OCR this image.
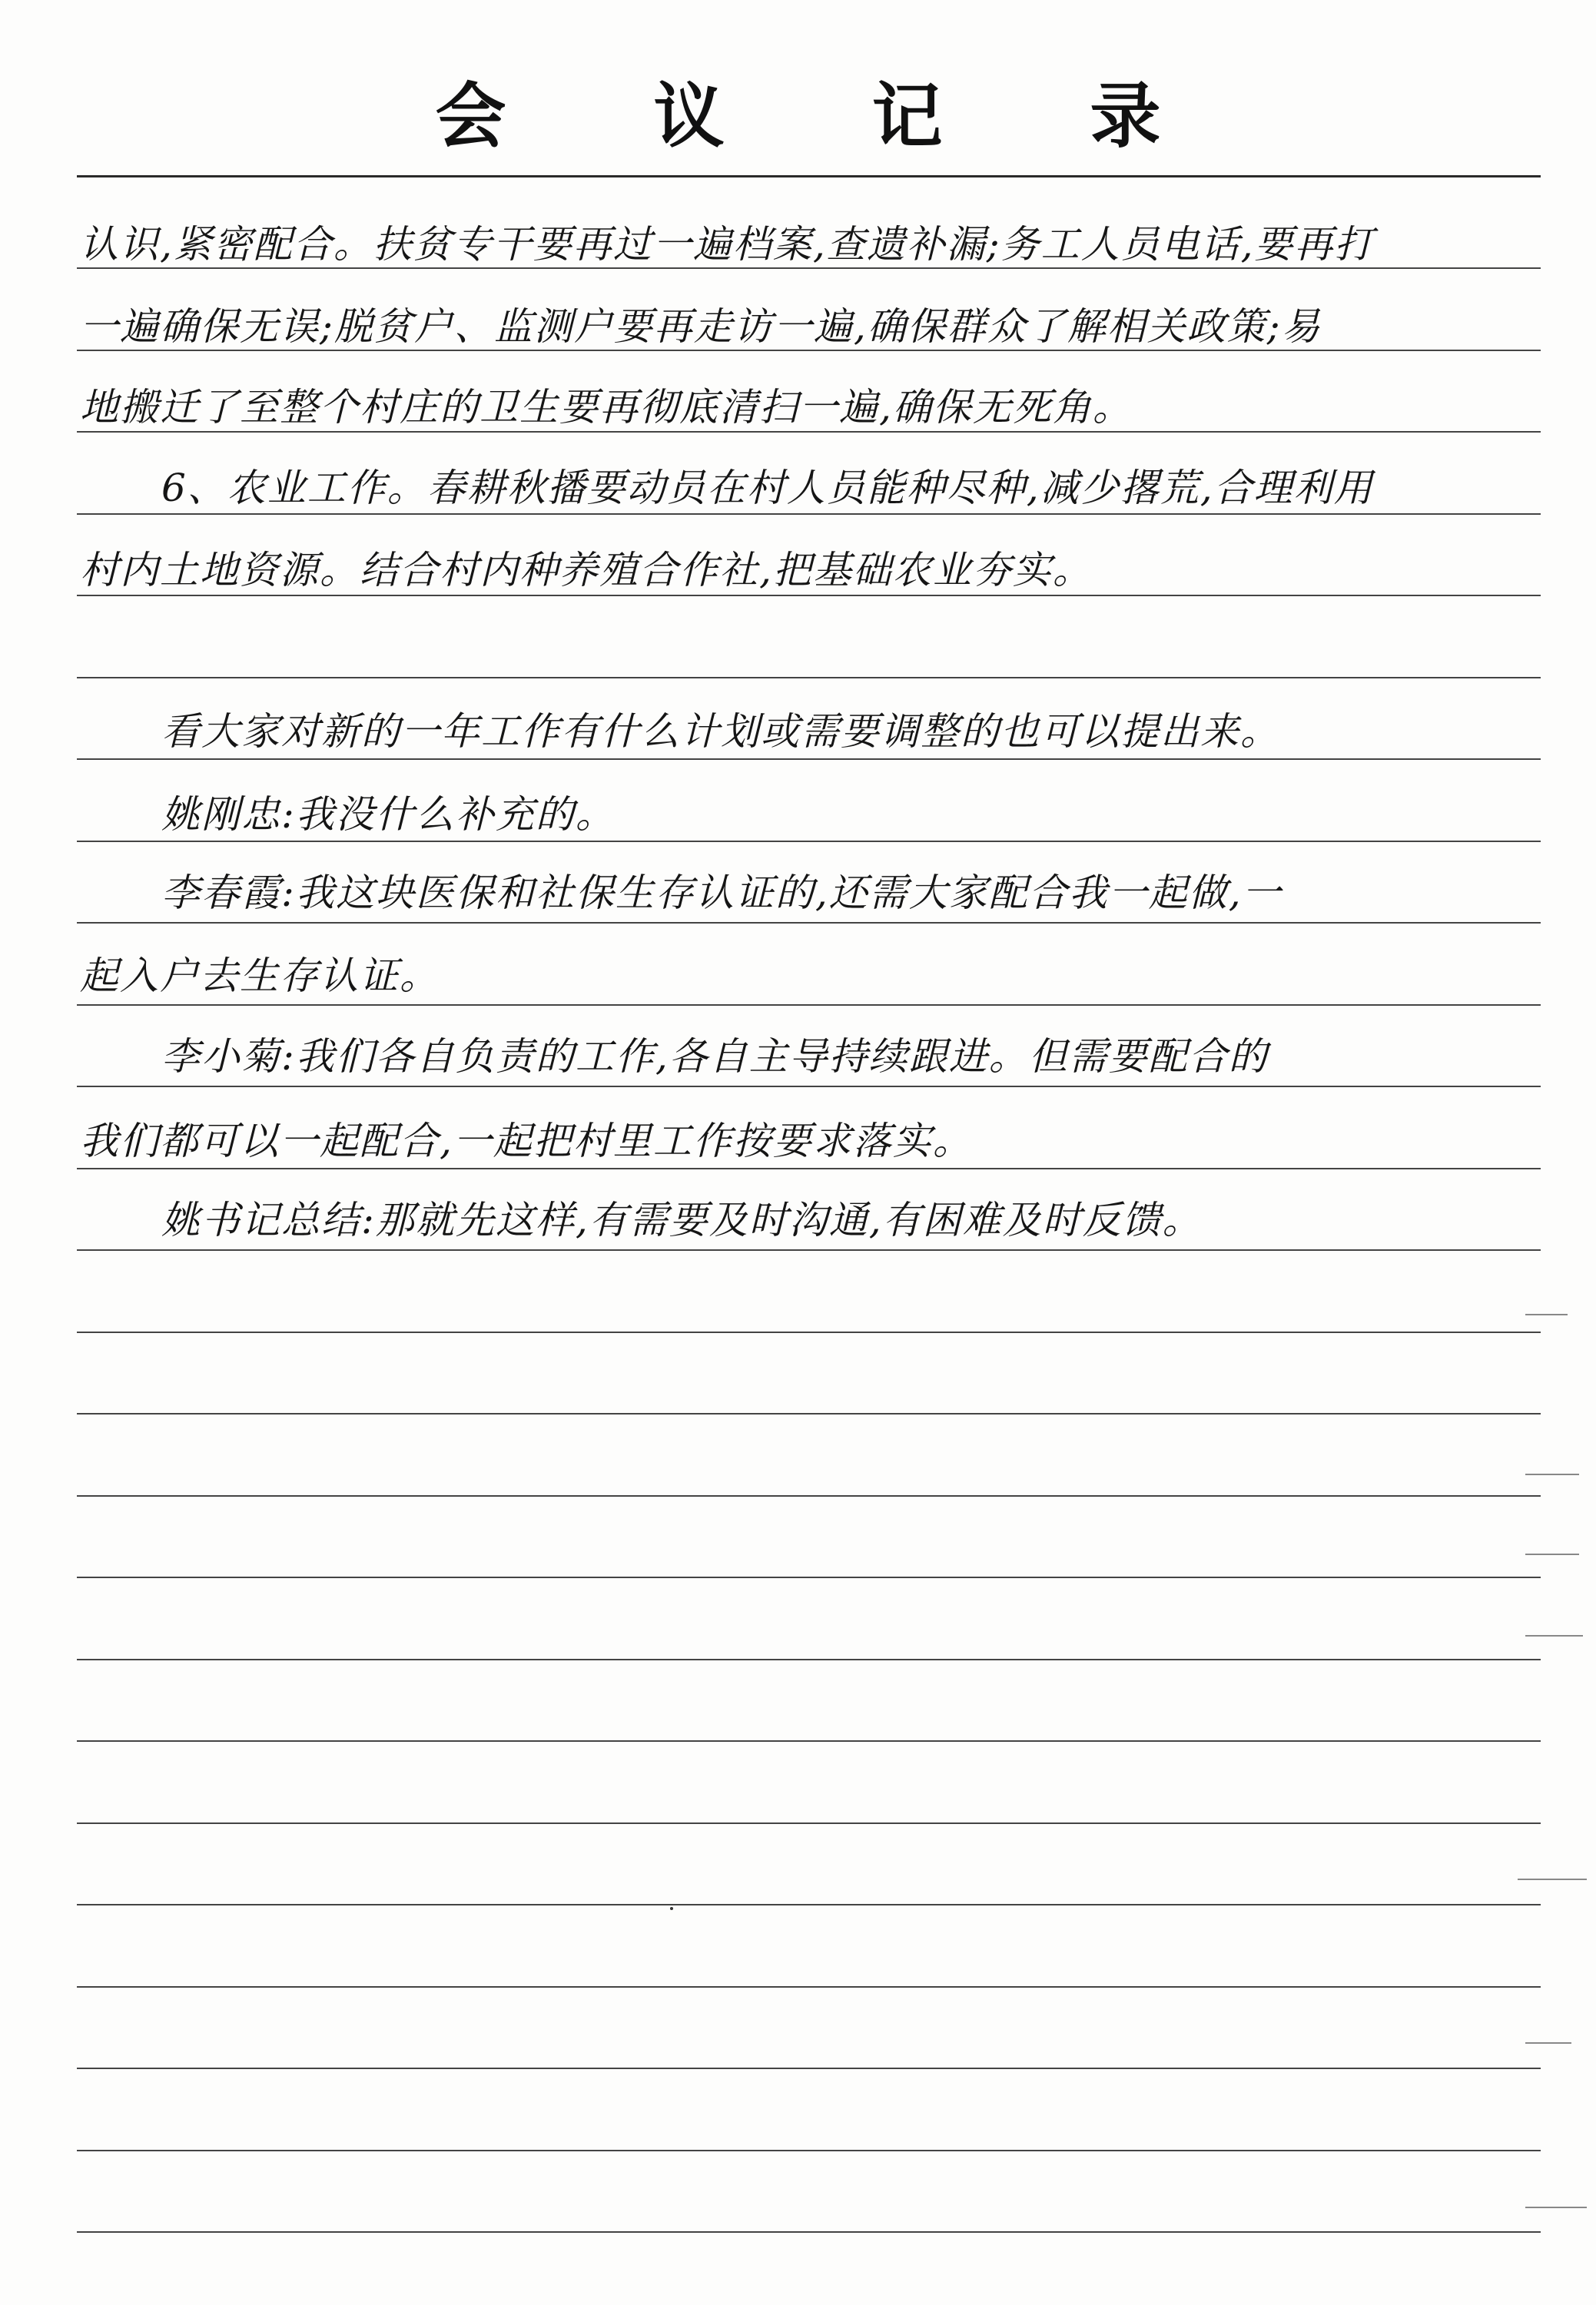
会 议 记 录
认识,紧密配合。扶贫专干要再过一遍档案,查遗补漏;务工人员电话,要再打
一遍确保无误;脱贫户、监测户要再走访一遍,确保群众了解相关政策;易
地搬迁了至整个村庄的卫生要再彻底清扫一遍,确保无死角。
6、农业工作。春耕秋播要动员在村人员能种尽种,减少撂荒,合理利用
村内土地资源。结合村内种养殖合作社,把基础农业夯实。
看大家对新的一年工作有什么计划或需要调整的也可以提出来。
姚刚忠:我没什么补充的。
李春霞:我这块医保和社保生存认证的,还需大家配合我一起做,一
起入户去生存认证。
李小菊:我们各自负责的工作,各自主导持续跟进。但需要配合的
我们都可以一起配合,一起把村里工作按要求落实。
姚书记总结:那就先这样,有需要及时沟通,有困难及时反馈。
